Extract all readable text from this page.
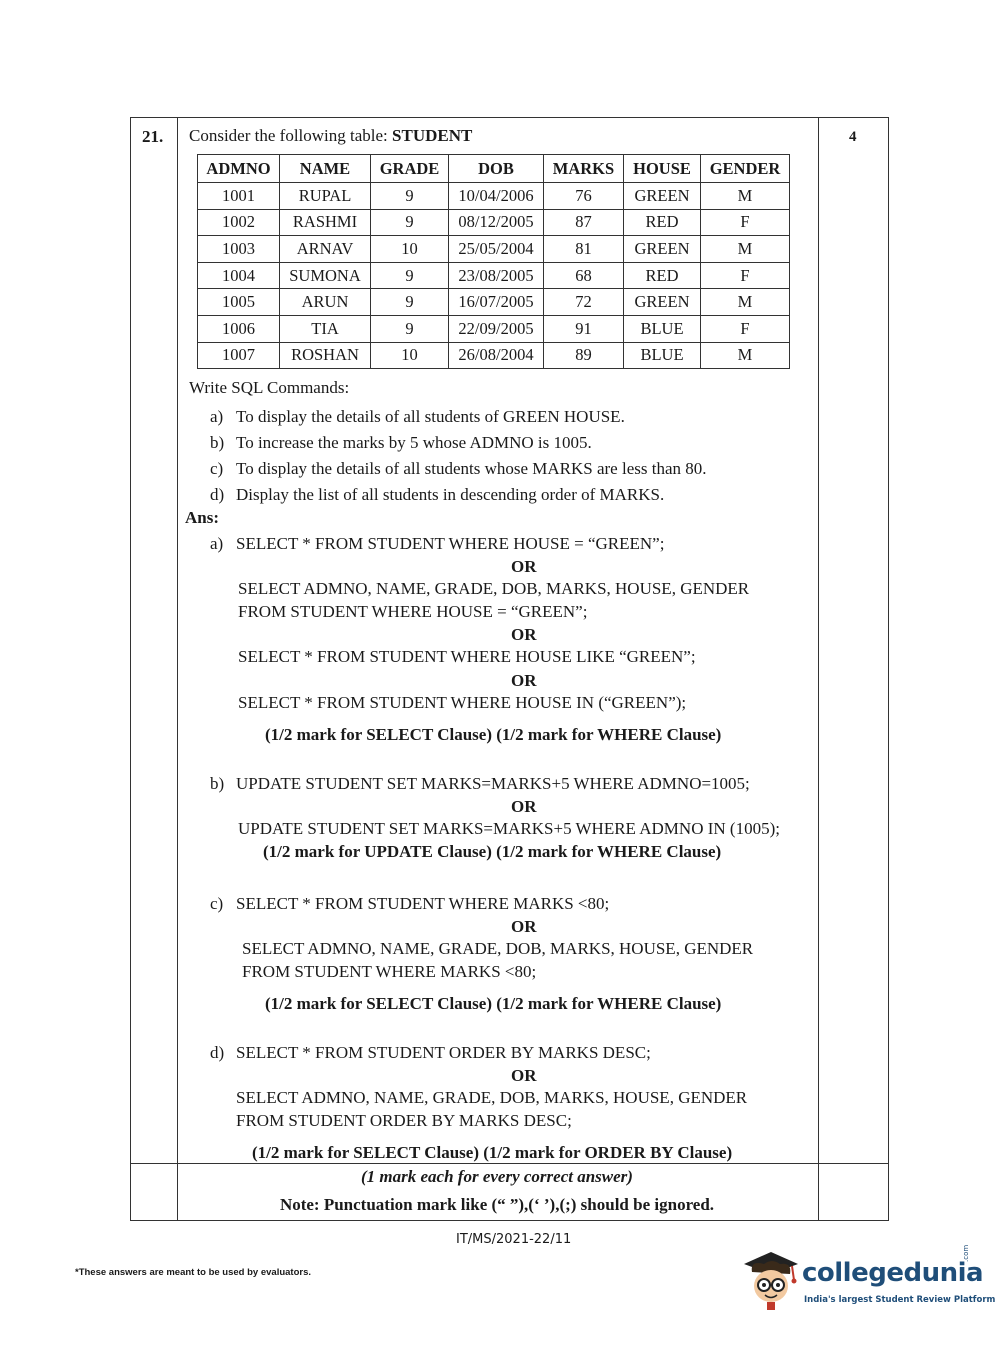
21.	4
Consider the following table: STUDENT
ADMNO	NAME	GRADE	DOB	MARKS	HOUSE	GENDER
1001	RUPAL	9	10/04/2006	76	GREEN	M
1002	RASHMI	9	08/12/2005	87	RED	F
1003	ARNAV	10	25/05/2004	81	GREEN	M
1004	SUMONA	9	23/08/2005	68	RED	F
1005	ARUN	9	16/07/2005	72	GREEN	M
1006	TIA	9	22/09/2005	91	BLUE	F
1007	ROSHAN	10	26/08/2004	89	BLUE	M
Write SQL Commands:
a) To display the details of all students of GREEN HOUSE.
b) To increase the marks by 5 whose ADMNO is 1005.
c) To display the details of all students whose MARKS are less than 80.
d) Display the list of all students in descending order of MARKS.
Ans:
a) SELECT * FROM STUDENT WHERE HOUSE = “GREEN”;
OR
SELECT ADMNO, NAME, GRADE, DOB, MARKS, HOUSE, GENDER
FROM STUDENT WHERE HOUSE = “GREEN”;
OR
SELECT * FROM STUDENT WHERE HOUSE LIKE “GREEN”;
OR
SELECT * FROM STUDENT WHERE HOUSE IN (“GREEN”);
(1/2 mark for SELECT Clause) (1/2 mark for WHERE Clause)
b) UPDATE STUDENT SET MARKS=MARKS+5 WHERE ADMNO=1005;
OR
UPDATE STUDENT SET MARKS=MARKS+5 WHERE ADMNO IN (1005);
(1/2 mark for UPDATE Clause) (1/2 mark for WHERE Clause)
c) SELECT * FROM STUDENT WHERE MARKS <80;
OR
SELECT ADMNO, NAME, GRADE, DOB, MARKS, HOUSE, GENDER
FROM STUDENT WHERE MARKS <80;
(1/2 mark for SELECT Clause) (1/2 mark for WHERE Clause)
d) SELECT * FROM STUDENT ORDER BY MARKS DESC;
OR
SELECT ADMNO, NAME, GRADE, DOB, MARKS, HOUSE, GENDER
FROM STUDENT ORDER BY MARKS DESC;
(1/2 mark for SELECT Clause) (1/2 mark for ORDER BY Clause)
(1 mark each for every correct answer)
Note: Punctuation mark like (“ ”),(‘ ’),(;) should be ignored.
IT/MS/2021-22/11
*These answers are meant to be used by evaluators.	collegedunia
.com
India's largest Student Review Platform
